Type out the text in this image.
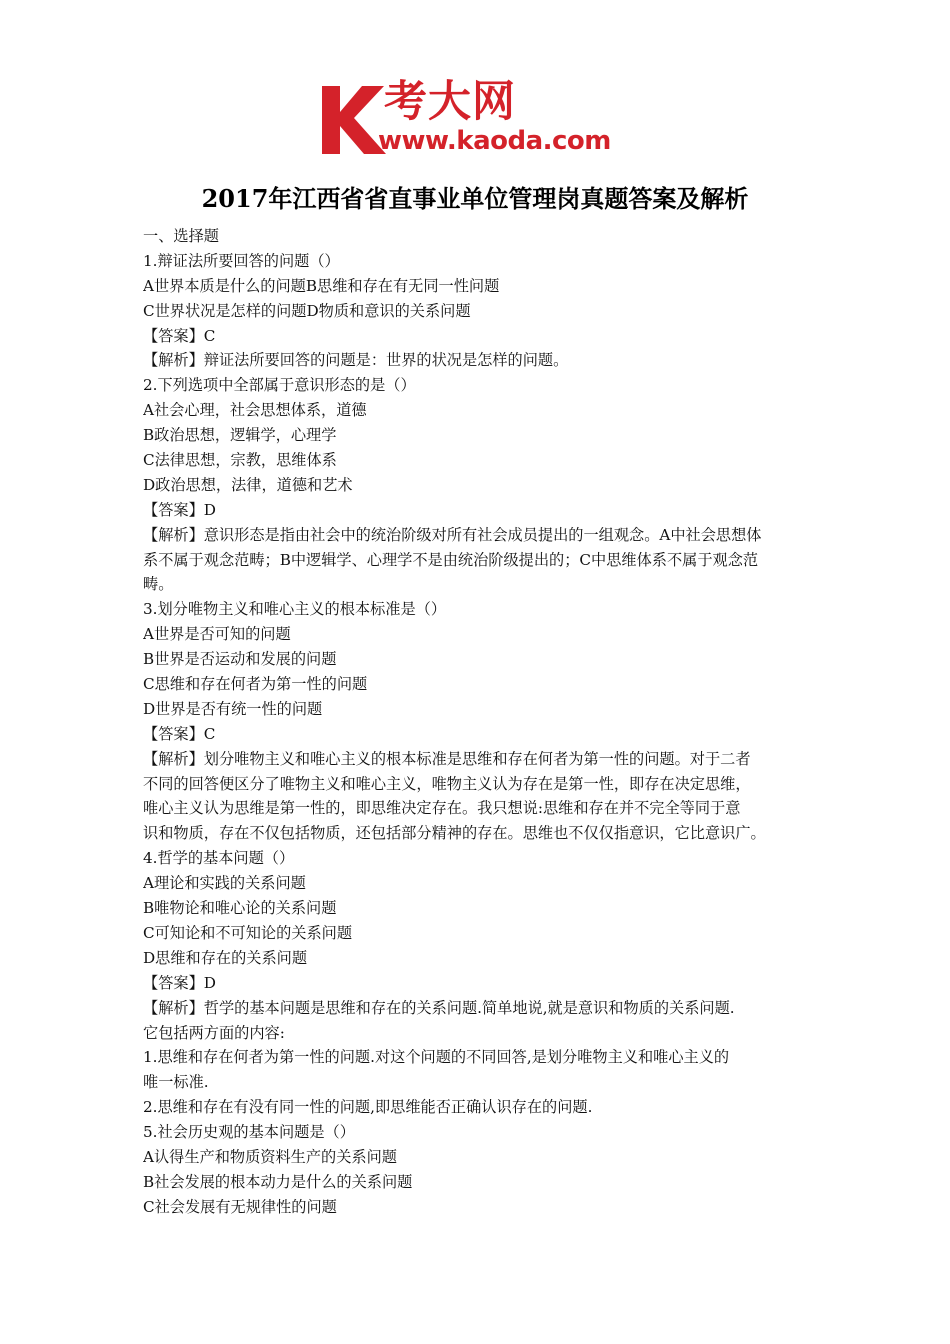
考大网
www.kaoda.com
2017年江西省省直事业单位管理岗真题答案及解析
一、选择题
1.辩证法所要回答的问题（）
A世界本质是什么的问题B思维和存在有无同一性问题
C世界状况是怎样的问题D物质和意识的关系问题
【答案】C
【解析】辩证法所要回答的问题是：世界的状况是怎样的问题。
2.下列选项中全部属于意识形态的是（）
A社会心理，社会思想体系，道德
B政治思想，逻辑学，心理学
C法律思想，宗教，思维体系
D政治思想，法律，道德和艺术
【答案】D
【解析】意识形态是指由社会中的统治阶级对所有社会成员提出的一组观念。A中社会思想体
系不属于观念范畴；B中逻辑学、心理学不是由统治阶级提出的；C中思维体系不属于观念范
畴。
3.划分唯物主义和唯心主义的根本标准是（）
A世界是否可知的问题
B世界是否运动和发展的问题
C思维和存在何者为第一性的问题
D世界是否有统一性的问题
【答案】C
【解析】划分唯物主义和唯心主义的根本标准是思维和存在何者为第一性的问题。对于二者
不同的回答便区分了唯物主义和唯心主义，唯物主义认为存在是第一性，即存在决定思维，
唯心主义认为思维是第一性的，即思维决定存在。我只想说:思维和存在并不完全等同于意
识和物质，存在不仅包括物质，还包括部分精神的存在。思维也不仅仅指意识，它比意识广。
4.哲学的基本问题（）
A理论和实践的关系问题
B唯物论和唯心论的关系问题
C可知论和不可知论的关系问题
D思维和存在的关系问题
【答案】D
【解析】哲学的基本问题是思维和存在的关系问题.简单地说,就是意识和物质的关系问题.
它包括两方面的内容:
1.思维和存在何者为第一性的问题.对这个问题的不同回答,是划分唯物主义和唯心主义的
唯一标准.
2.思维和存在有没有同一性的问题,即思维能否正确认识存在的问题.
5.社会历史观的基本问题是（）
A认得生产和物质资料生产的关系问题
B社会发展的根本动力是什么的关系问题
C社会发展有无规律性的问题
